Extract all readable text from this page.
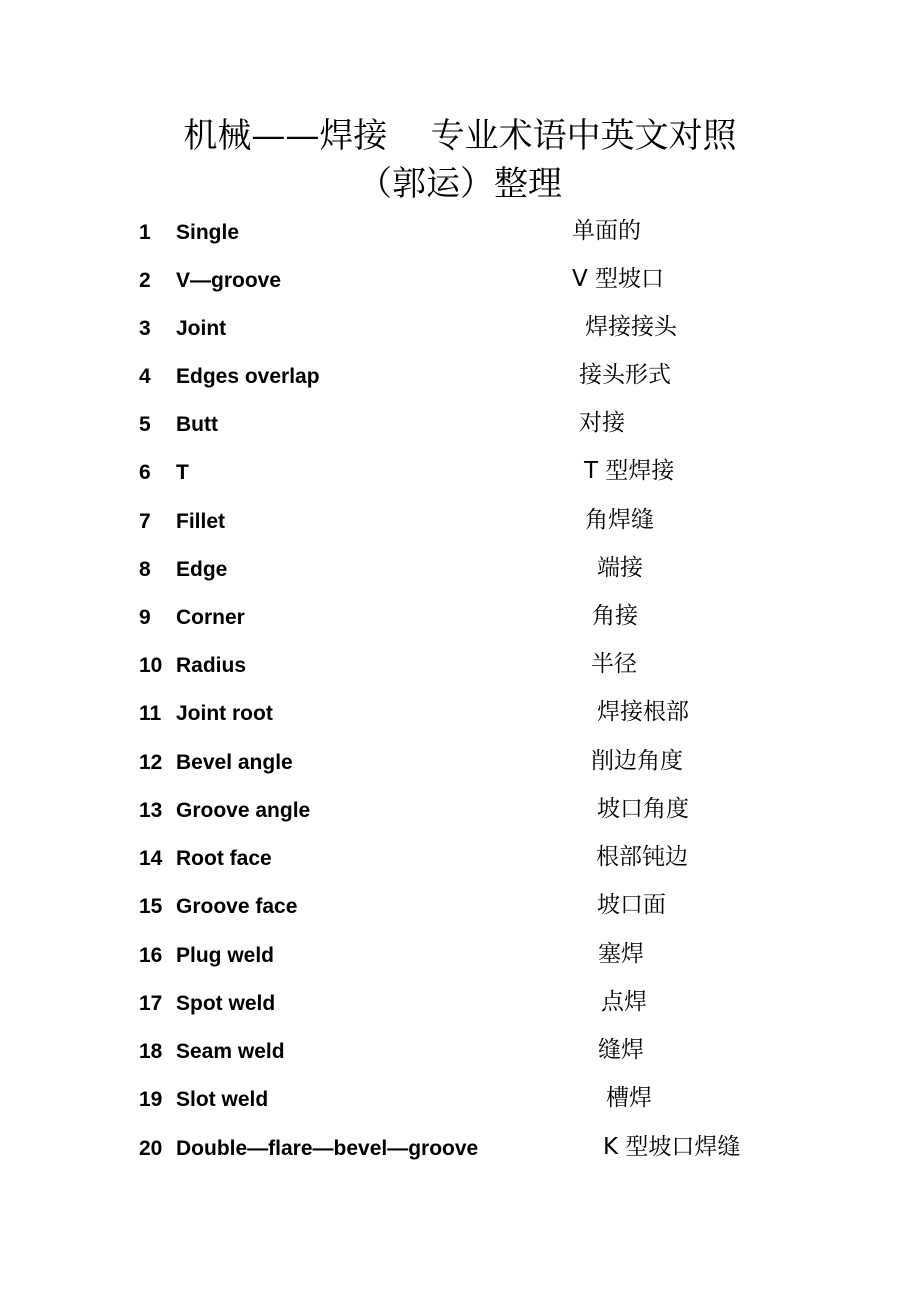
机械——焊接    专业术语中英文对照
（郭运）整理
1 Single	单面的
2 V—groove	V 型坡口
3 Joint	焊接接头
4 Edges overlap	接头形式
5 Butt	对接
6 T	T 型焊接
7 Fillet	角焊缝
8 Edge	端接
9 Corner	角接
10 Radius	半径
11 Joint root	焊接根部
12 Bevel angle	削边角度
13 Groove angle	坡口角度
14 Root face	根部钝边
15 Groove face	坡口面
16 Plug weld	塞焊
17 Spot weld	点焊
18 Seam weld	缝焊
19 Slot weld	槽焊
20 Double—flare—bevel—groove	K 型坡口焊缝
